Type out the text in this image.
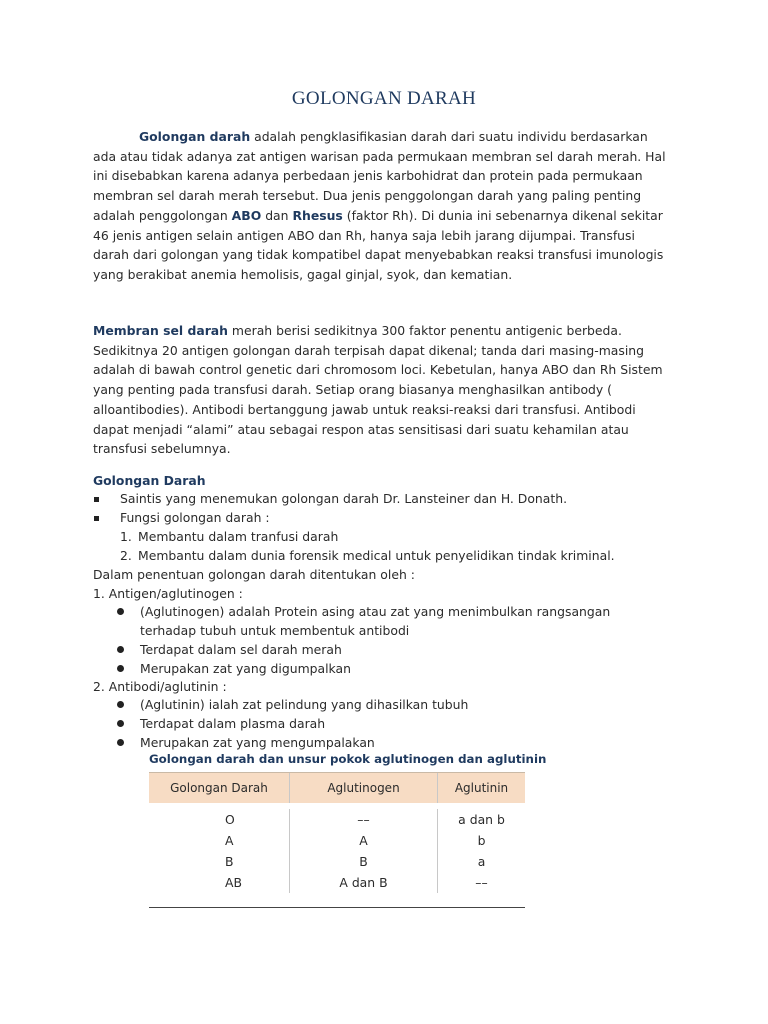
GOLONGAN DARAH

Golongan darah adalah pengklasifikasian darah dari suatu individu berdasarkan ada atau tidak adanya zat antigen warisan pada permukaan membran sel darah merah. Hal ini disebabkan karena adanya perbedaan jenis karbohidrat dan protein pada permukaan membran sel darah merah tersebut. Dua jenis penggolongan darah yang paling penting adalah penggolongan ABO dan Rhesus (faktor Rh). Di dunia ini sebenarnya dikenal sekitar 46 jenis antigen selain antigen ABO dan Rh, hanya saja lebih jarang dijumpai. Transfusi darah dari golongan yang tidak kompatibel dapat menyebabkan reaksi transfusi imunologis yang berakibat anemia hemolisis, gagal ginjal, syok, dan kematian.

Membran sel darah merah berisi sedikitnya 300 faktor penentu antigenic berbeda. Sedikitnya 20 antigen golongan darah terpisah dapat dikenal; tanda dari masing-masing adalah di bawah control genetic dari chromosom loci. Kebetulan, hanya ABO dan Rh Sistem yang penting pada transfusi darah. Setiap orang biasanya menghasilkan antibody ( alloantibodies). Antibodi bertanggung jawab untuk reaksi-reaksi dari transfusi. Antibodi dapat menjadi “alami” atau sebagai respon atas sensitisasi dari suatu kehamilan atau transfusi sebelumnya.

Golongan Darah
Saintis yang menemukan golongan darah Dr. Lansteiner dan H. Donath.
Fungsi golongan darah :
1. Membantu dalam tranfusi darah
2. Membantu dalam dunia forensik medical untuk penyelidikan tindak kriminal.
Dalam penentuan golongan darah ditentukan oleh :
1. Antigen/aglutinogen :
(Aglutinogen) adalah Protein asing atau zat yang menimbulkan rangsangan
terhadap tubuh untuk membentuk antibodi
Terdapat dalam sel darah merah
Merupakan zat yang digumpalkan
2. Antibodi/aglutinin :
(Aglutinin) ialah zat pelindung yang dihasilkan tubuh
Terdapat dalam plasma darah
Merupakan zat yang mengumpalakan
Golongan darah dan unsur pokok aglutinogen dan aglutinin
Golongan Darah	Aglutinogen	Aglutinin
O	––	a dan b
A	A	b
B	B	a
AB	A dan B	––
